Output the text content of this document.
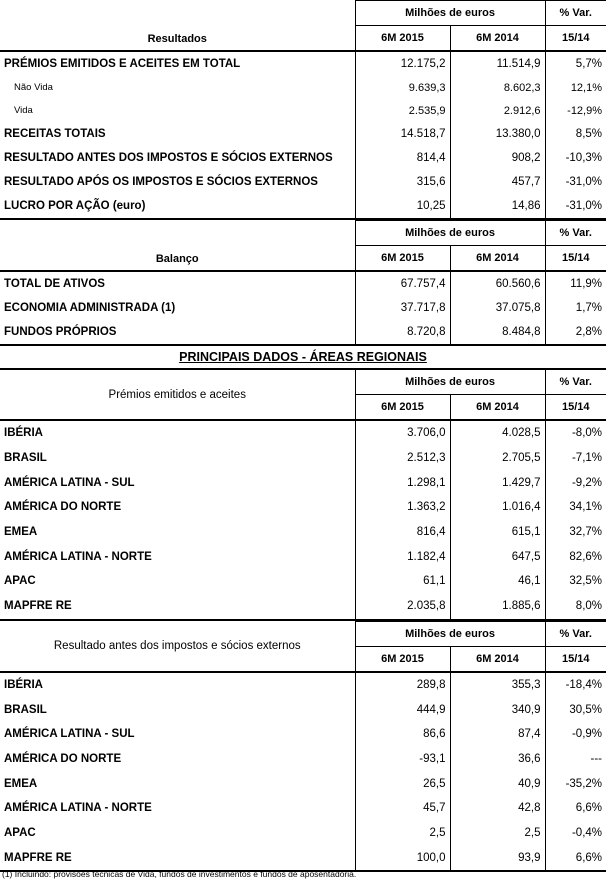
Resultados	Milhões de euros		% Var.
	6M 2015	6M 2014	15/14
PRÉMIOS EMITIDOS E ACEITES EM TOTAL	12.175,2	11.514,9	5,7%
Não Vida	9.639,3	8.602,3	12,1%
Vida	2.535,9	2.912,6	-12,9%
RECEITAS TOTAIS	14.518,7	13.380,0	8,5%
RESULTADO ANTES DOS IMPOSTOS E SÓCIOS EXTERNOS	814,4	908,2	-10,3%
RESULTADO APÓS OS IMPOSTOS E SÓCIOS EXTERNOS	315,6	457,7	-31,0%
LUCRO POR AÇÃO (euro)	10,25	14,86	-31,0%
Balanço	Milhões de euros		% Var.
	6M 2015	6M 2014	15/14
TOTAL DE ATIVOS	67.757,4	60.560,6	11,9%
ECONOMIA ADMINISTRADA (1)	37.717,8	37.075,8	1,7%
FUNDOS PRÓPRIOS	8.720,8	8.484,8	2,8%
PRINCIPAIS DADOS - ÁREAS REGIONAIS
Prémios emitidos e aceites	Milhões de euros		% Var.
	6M 2015	6M 2014	15/14
IBÉRIA	3.706,0	4.028,5	-8,0%
BRASIL	2.512,3	2.705,5	-7,1%
AMÉRICA LATINA - SUL	1.298,1	1.429,7	-9,2%
AMÉRICA DO NORTE	1.363,2	1.016,4	34,1%
EMEA	816,4	615,1	32,7%
AMÉRICA LATINA - NORTE	1.182,4	647,5	82,6%
APAC	61,1	46,1	32,5%
MAPFRE RE	2.035,8	1.885,6	8,0%
Resultado antes dos impostos e sócios externos	Milhões de euros		% Var.
	6M 2015	6M 2014	15/14
IBÉRIA	289,8	355,3	-18,4%
BRASIL	444,9	340,9	30,5%
AMÉRICA LATINA - SUL	86,6	87,4	-0,9%
AMÉRICA DO NORTE	-93,1	36,6	---
EMEA	26,5	40,9	-35,2%
AMÉRICA LATINA - NORTE	45,7	42,8	6,6%
APAC	2,5	2,5	-0,4%
MAPFRE RE	100,0	93,9	6,6%
(1) Incluindo: provisões técnicas de Vida, fundos de investimentos e fundos de aposentadoria.
